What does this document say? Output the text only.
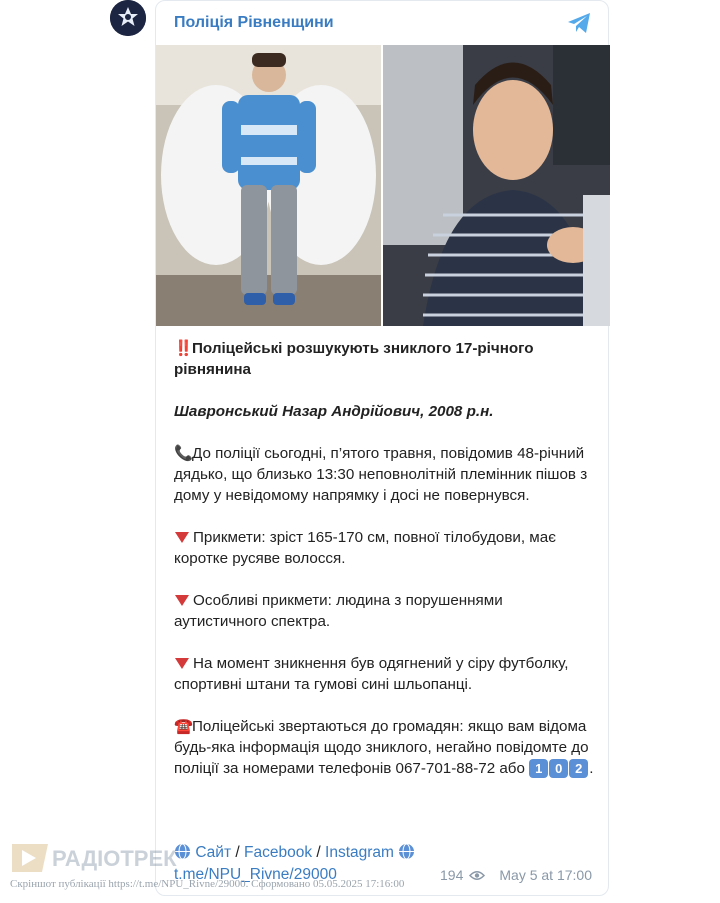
Поліція Рівненщини

‼️Поліцейські розшукують зниклого 17-річного рівнянина

Шавронський Назар Андрійович, 2008 р.н.

📞До поліції сьогодні, п’ятого травня, повідомив 48-річний дядько, що близько 13:30 неповнолітній племінник пішов з дому у невідомому напрямку і досі не повернувся.

Прикмети: зріст 165-170 см, повної тілобудови, має коротке русяве волосся.

Особливі прикмети: людина з порушеннями аутистичного спектра.

На момент зникнення був одягнений у сіру футболку, спортивні штани та гумові сині шльопанці.

☎️Поліцейські звертаються до громадян: якщо вам відома будь-яка інформація щодо зниклого, негайно повідомте до поліції за номерами телефонів 067-701-88-72 або 1 0 2 .

Сайт / Facebook / Instagram
t.me/NPU_Rivne/29000	194	May 5 at 17:00
РАДІОТРЕК
Скріншот публікації https://t.me/NPU_Rivne/29000. Сформовано 05.05.2025 17:16:00
